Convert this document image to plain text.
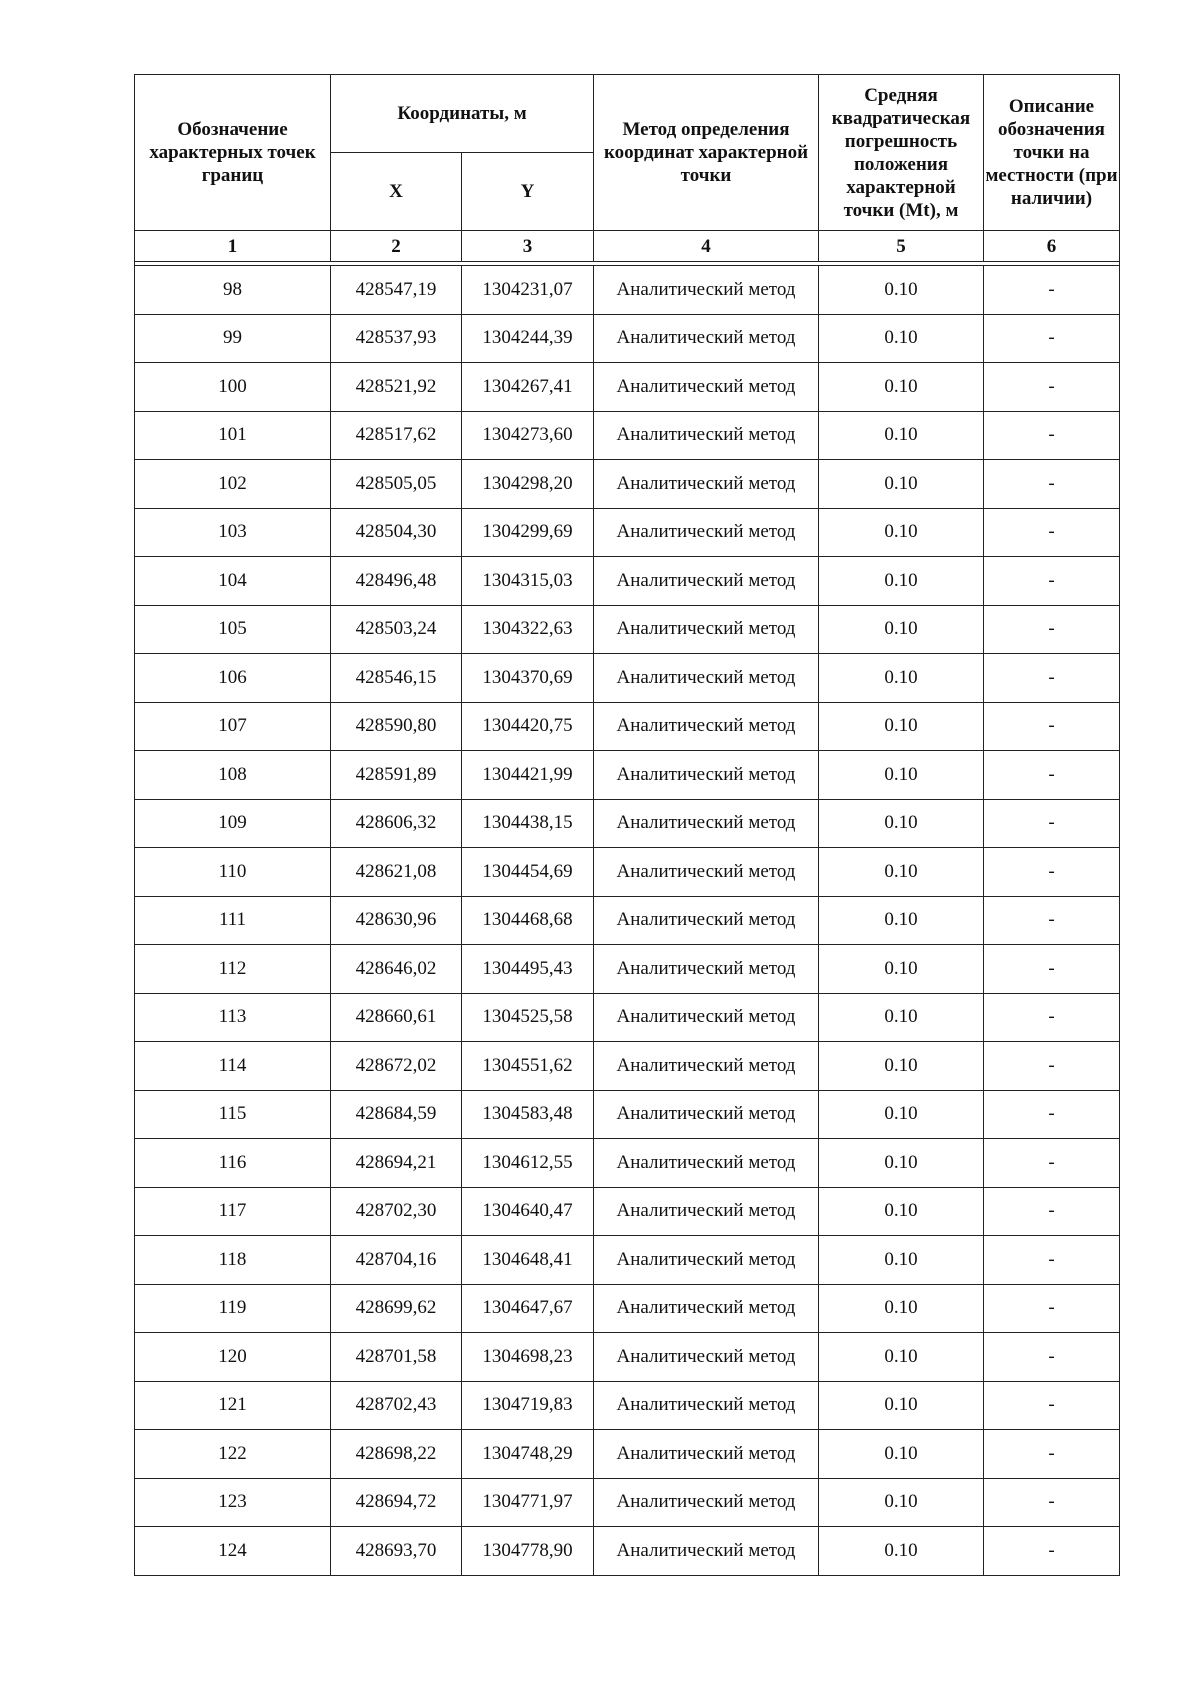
Обозначение характерных точек границ	Координаты, м		Метод определения координат характерной точки	Средняя квадратическая погрешность положения характерной точки (Mt), м	Описание обозначения точки на местности (при наличии)
	X	Y			
1	2	3	4	5	6

98	428547,19	1304231,07	Аналитический метод	0.10	-
99	428537,93	1304244,39	Аналитический метод	0.10	-
100	428521,92	1304267,41	Аналитический метод	0.10	-
101	428517,62	1304273,60	Аналитический метод	0.10	-
102	428505,05	1304298,20	Аналитический метод	0.10	-
103	428504,30	1304299,69	Аналитический метод	0.10	-
104	428496,48	1304315,03	Аналитический метод	0.10	-
105	428503,24	1304322,63	Аналитический метод	0.10	-
106	428546,15	1304370,69	Аналитический метод	0.10	-
107	428590,80	1304420,75	Аналитический метод	0.10	-
108	428591,89	1304421,99	Аналитический метод	0.10	-
109	428606,32	1304438,15	Аналитический метод	0.10	-
110	428621,08	1304454,69	Аналитический метод	0.10	-
111	428630,96	1304468,68	Аналитический метод	0.10	-
112	428646,02	1304495,43	Аналитический метод	0.10	-
113	428660,61	1304525,58	Аналитический метод	0.10	-
114	428672,02	1304551,62	Аналитический метод	0.10	-
115	428684,59	1304583,48	Аналитический метод	0.10	-
116	428694,21	1304612,55	Аналитический метод	0.10	-
117	428702,30	1304640,47	Аналитический метод	0.10	-
118	428704,16	1304648,41	Аналитический метод	0.10	-
119	428699,62	1304647,67	Аналитический метод	0.10	-
120	428701,58	1304698,23	Аналитический метод	0.10	-
121	428702,43	1304719,83	Аналитический метод	0.10	-
122	428698,22	1304748,29	Аналитический метод	0.10	-
123	428694,72	1304771,97	Аналитический метод	0.10	-
124	428693,70	1304778,90	Аналитический метод	0.10	-
